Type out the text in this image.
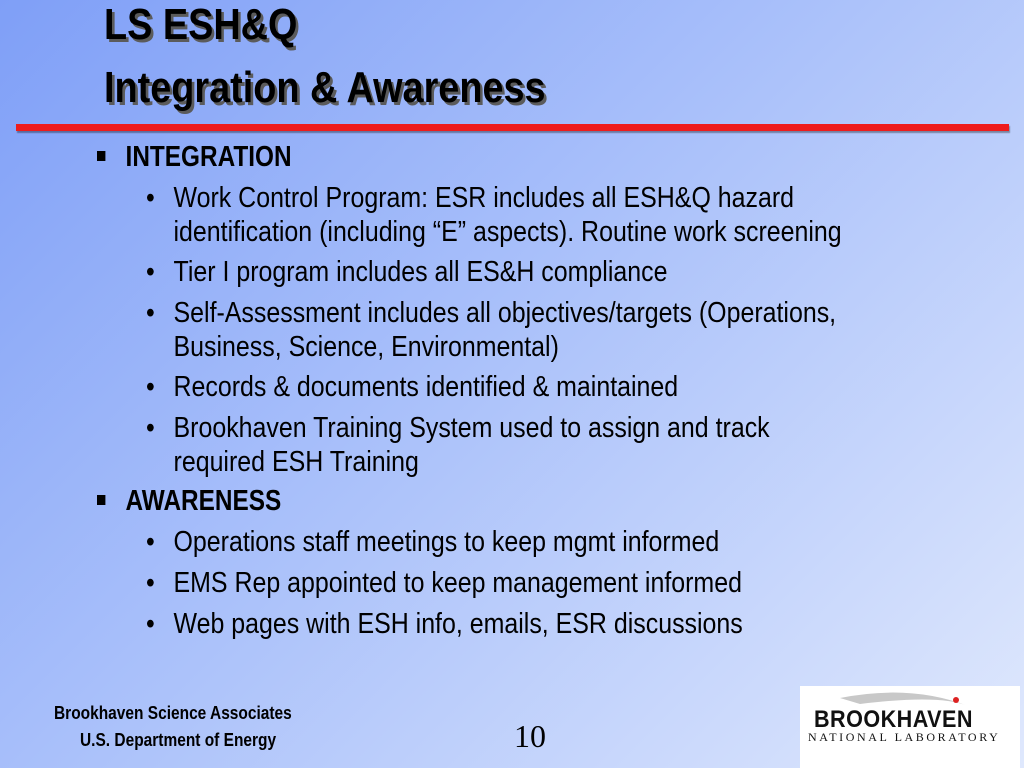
LS ESH&Q
Integration & Awareness
INTEGRATION
• Work Control Program: ESR includes all ESH&Q hazard
identification (including “E” aspects). Routine work screening
• Tier I program includes all ES&H compliance
• Self-Assessment includes all objectives/targets (Operations,
Business, Science, Environmental)
• Records & documents identified & maintained
• Brookhaven Training System used to assign and track
required ESH Training
AWARENESS
• Operations staff meetings to keep mgmt informed
• EMS Rep appointed to keep management informed
• Web pages with ESH info, emails, ESR discussions
Brookhaven Science Associates
U.S. Department of Energy	10	BROOKHAVEN
NATIONAL LABORATORY
